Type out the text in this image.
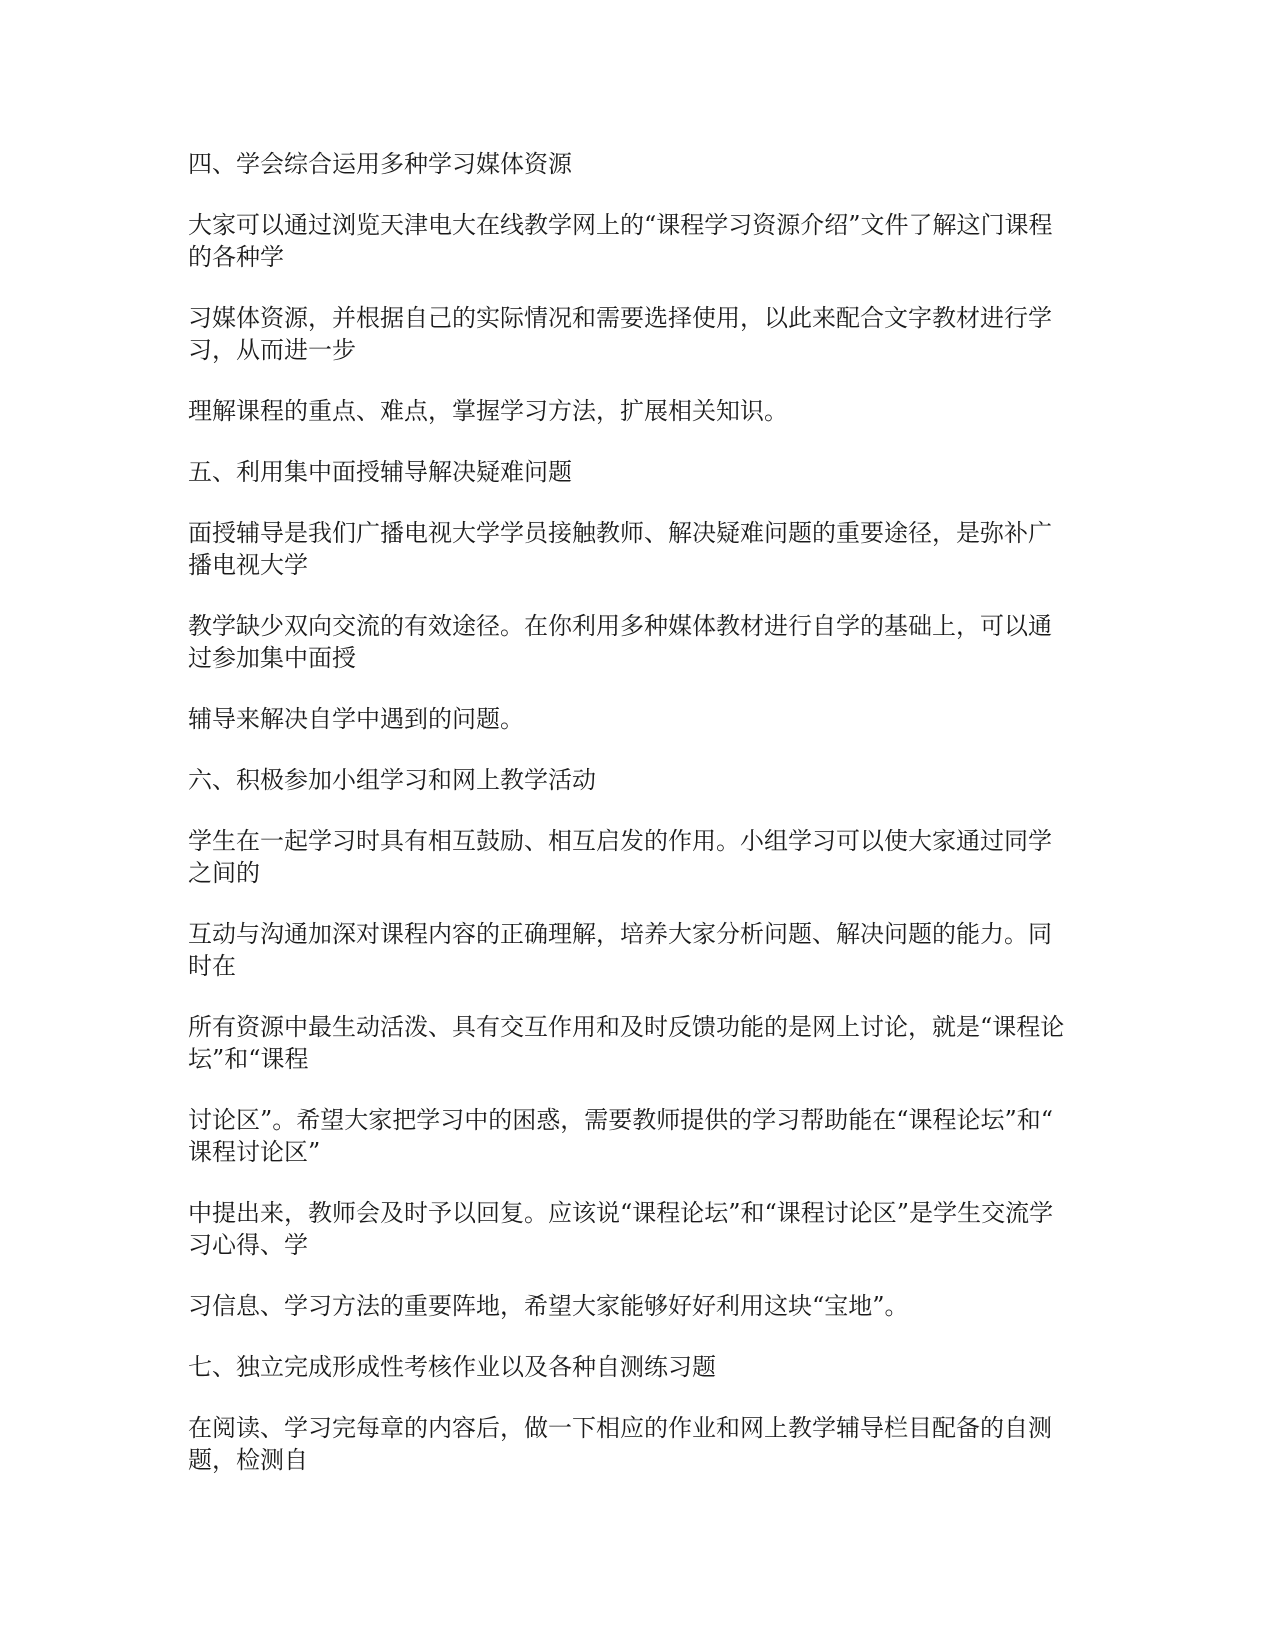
四、学会综合运用多种学习媒体资源

大家可以通过浏览天津电大在线教学网上的“课程学习资源介绍”文件了解这门课程
的各种学

习媒体资源，并根据自己的实际情况和需要选择使用，以此来配合文字教材进行学
习，从而进一步

理解课程的重点、难点，掌握学习方法，扩展相关知识。

五、利用集中面授辅导解决疑难问题

面授辅导是我们广播电视大学学员接触教师、解决疑难问题的重要途径，是弥补广
播电视大学

教学缺少双向交流的有效途径。在你利用多种媒体教材进行自学的基础上，可以通
过参加集中面授

辅导来解决自学中遇到的问题。

六、积极参加小组学习和网上教学活动

学生在一起学习时具有相互鼓励、相互启发的作用。小组学习可以使大家通过同学
之间的

互动与沟通加深对课程内容的正确理解，培养大家分析问题、解决问题的能力。同
时在

所有资源中最生动活泼、具有交互作用和及时反馈功能的是网上讨论，就是“课程论
坛”和“课程

讨论区”。希望大家把学习中的困惑，需要教师提供的学习帮助能在“课程论坛”和“
课程讨论区”

中提出来，教师会及时予以回复。应该说“课程论坛”和“课程讨论区”是学生交流学
习心得、学

习信息、学习方法的重要阵地，希望大家能够好好利用这块“宝地”。

七、独立完成形成性考核作业以及各种自测练习题

在阅读、学习完每章的内容后，做一下相应的作业和网上教学辅导栏目配备的自测
题，检测自
